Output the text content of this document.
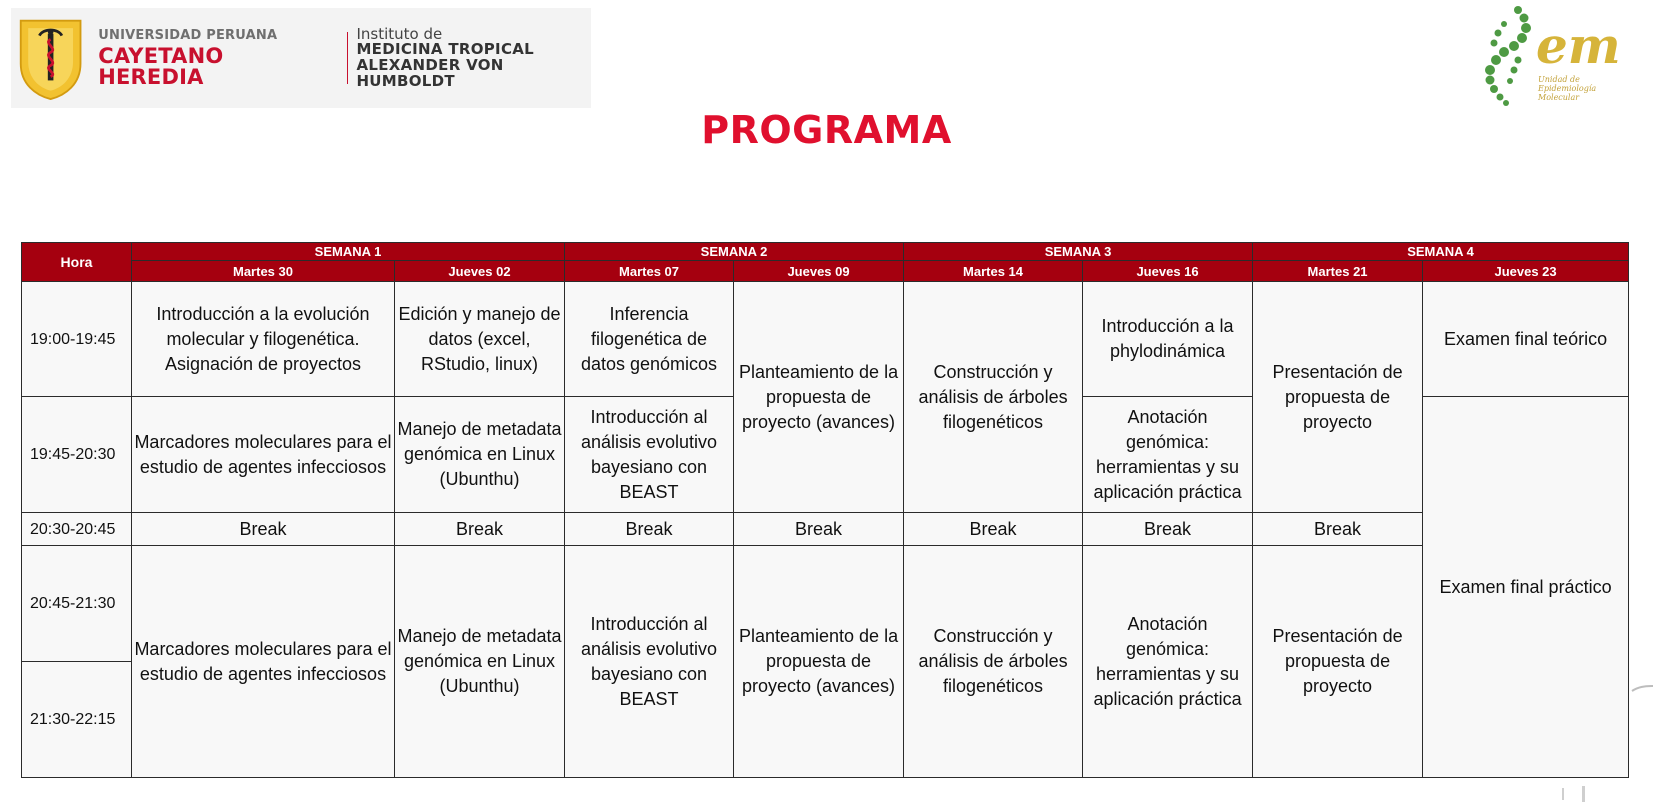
UNIVERSIDAD PERUANA
CAYETANO HEREDIA
Instituto de
MEDICINA TROPICAL
ALEXANDER VON HUMBOLDT
em
Unidad de
Epidemiología
Molecular
PROGRAMA
Hora	SEMANA 1		SEMANA 2		SEMANA 3		SEMANA 4	
	Martes 30	Jueves 02	Martes 07	Jueves 09	Martes 14	Jueves 16	Martes 21	Jueves 23
19:00-19:45	Introducción a la evolución molecular y filogenética. Asignación de proyectos	Edición y manejo de datos (excel, RStudio, linux)	Inferencia filogenética de datos genómicos	Planteamiento de la propuesta de proyecto (avances)	Construcción y análisis de árboles filogenéticos	Introducción a la phylodinámica	Presentación de propuesta de proyecto	Examen final teórico
19:45-20:30	Marcadores moleculares para el estudio de agentes infecciosos	Manejo de metadata genómica en Linux (Ubunthu)	Introducción al análisis evolutivo bayesiano con BEAST			Anotación genómica: herramientas y su aplicación práctica		Examen final práctico
20:30-20:45	Break	Break	Break	Break	Break	Break	Break	
20:45-21:30	Marcadores moleculares para el estudio de agentes infecciosos	Manejo de metadata genómica en Linux (Ubunthu)	Introducción al análisis evolutivo bayesiano con BEAST	Planteamiento de la propuesta de proyecto (avances)	Construcción y análisis de árboles filogenéticos	Anotación genómica: herramientas y su aplicación práctica	Presentación de propuesta de proyecto	
21:30-22:15								
